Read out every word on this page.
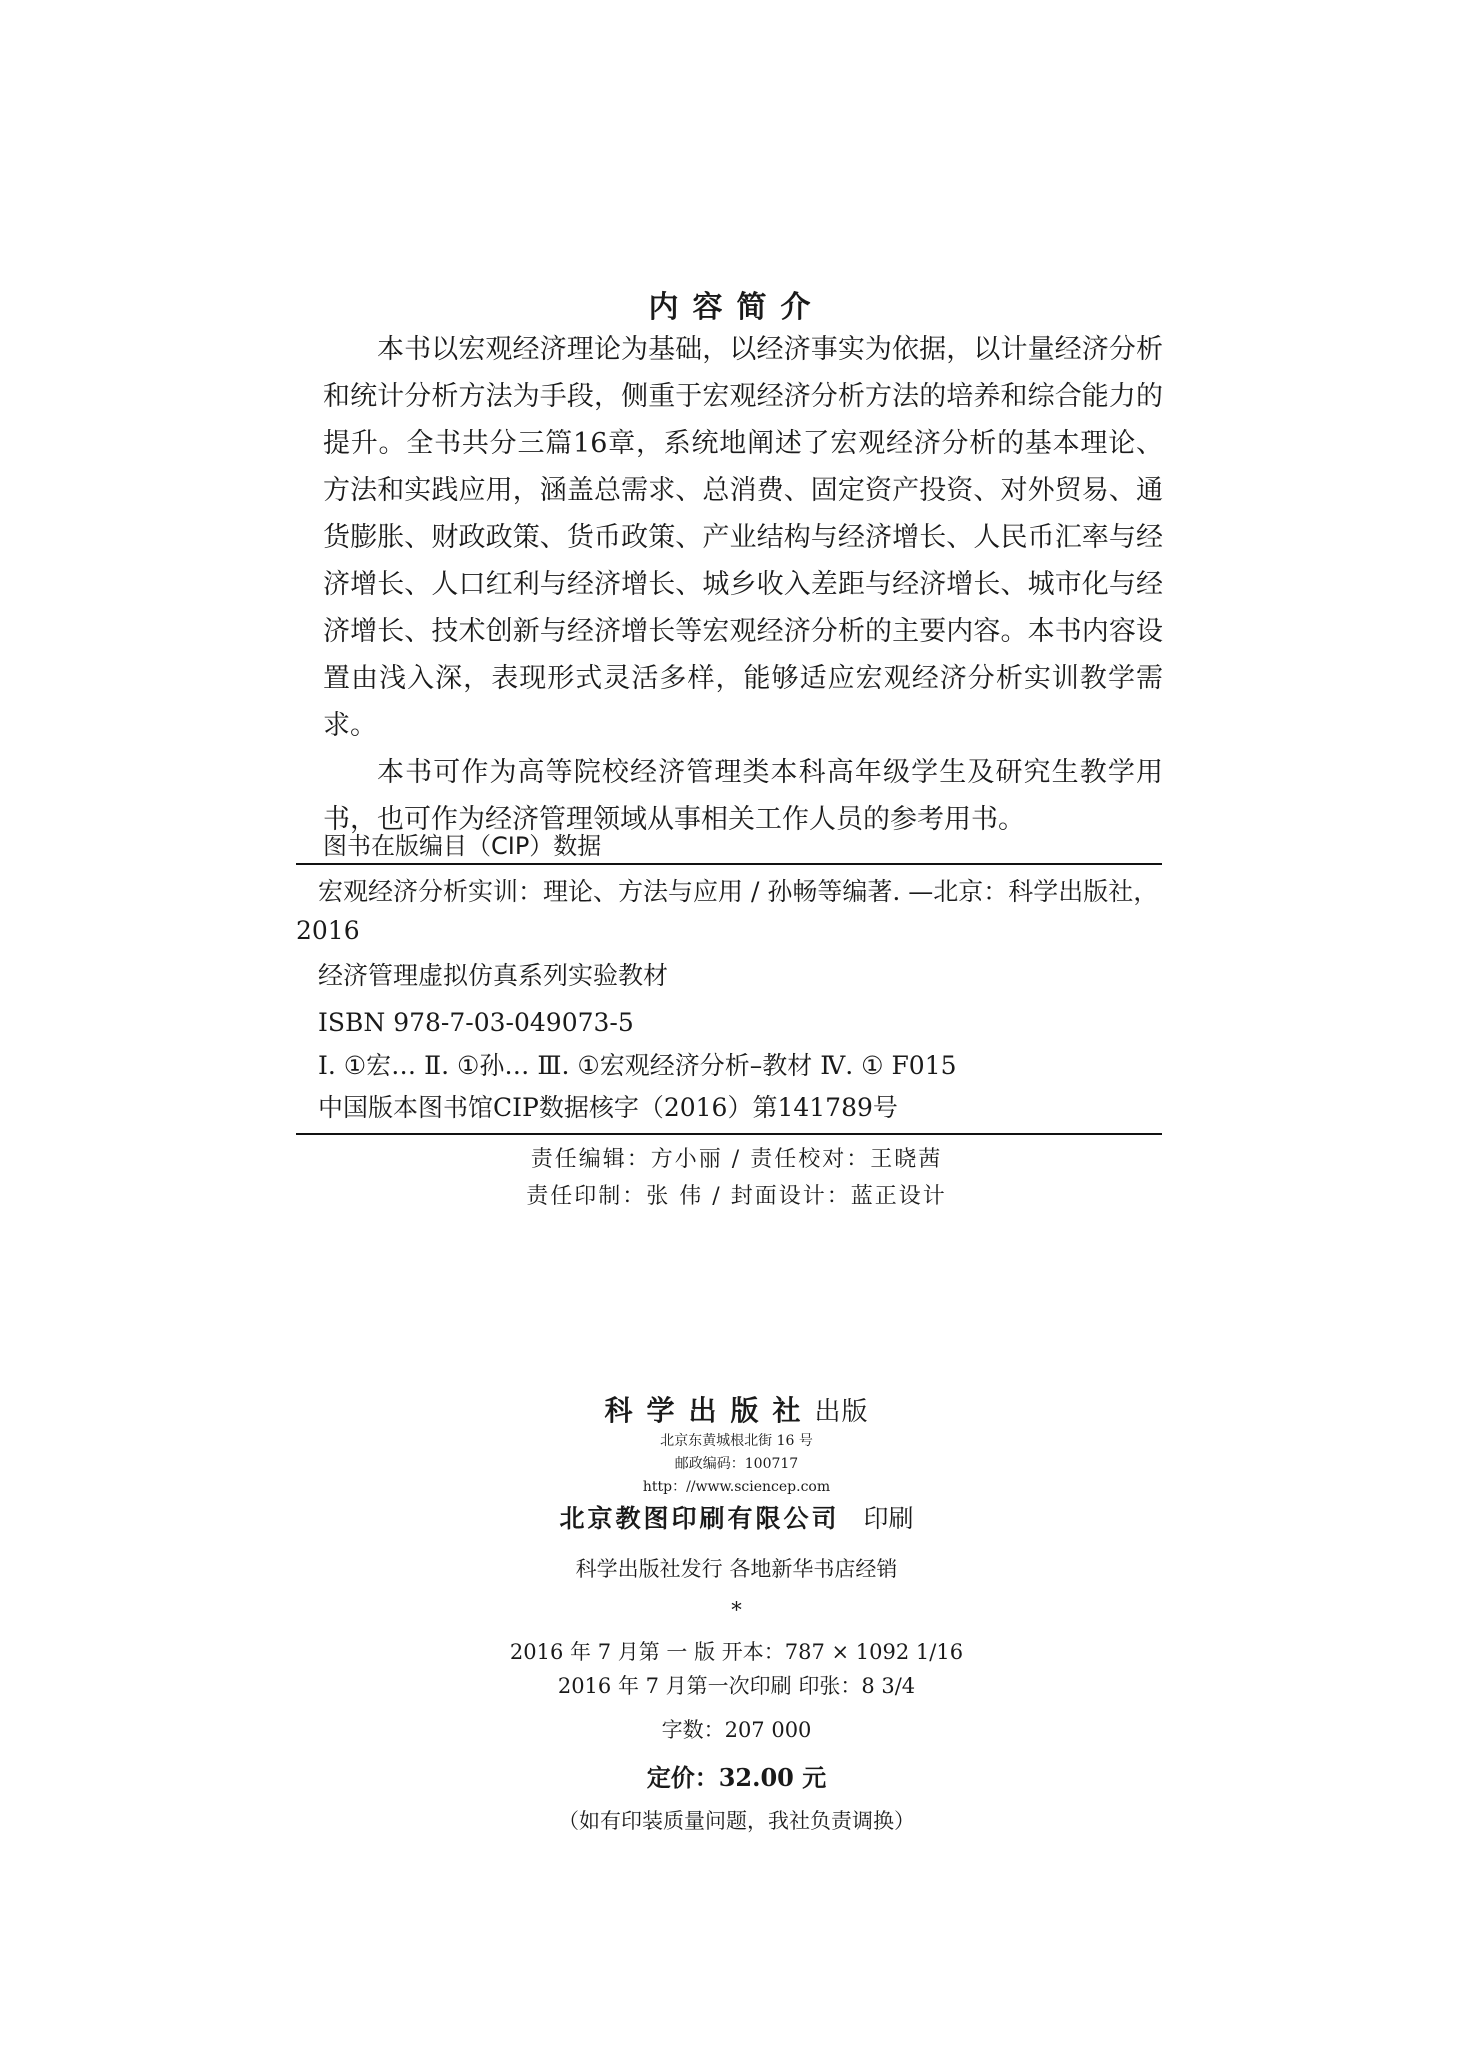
内容简介

本书以宏观经济理论为基础，以经济事实为依据，以计量经济分析和统计分析方法为手段，侧重于宏观经济分析方法的培养和综合能力的提升。全书共分三篇16章，系统地阐述了宏观经济分析的基本理论、方法和实践应用，涵盖总需求、总消费、固定资产投资、对外贸易、通货膨胀、财政政策、货币政策、产业结构与经济增长、人民币汇率与经济增长、人口红利与经济增长、城乡收入差距与经济增长、城市化与经济增长、技术创新与经济增长等宏观经济分析的主要内容。本书内容设置由浅入深，表现形式灵活多样，能够适应宏观经济分析实训教学需求。

本书可作为高等院校经济管理类本科高年级学生及研究生教学用书，也可作为经济管理领域从事相关工作人员的参考用书。

图书在版编目（CIP）数据
宏观经济分析实训：理论、方法与应用 / 孙畅等编著. —北京：科学出版社，
2016
经济管理虚拟仿真系列实验教材
ISBN 978-7-03-049073-5
Ⅰ. ①宏… Ⅱ. ①孙… Ⅲ. ①宏观经济分析–教材 Ⅳ. ① F015
中国版本图书馆CIP数据核字（2016）第141789号
责任编辑：方小丽 / 责任校对：王晓茜
责任印制：张 伟 / 封面设计：蓝正设计
科学出版社出版
北京东黄城根北街 16 号
邮政编码：100717
http：//www.sciencep.com
北京教图印刷有限公司 印刷
科学出版社发行 各地新华书店经销
*
2016 年 7 月第 一 版 开本：787 × 1092 1/16
2016 年 7 月第一次印刷 印张：8 3/4
字数：207 000
定价：32.00 元
（如有印装质量问题，我社负责调换）
